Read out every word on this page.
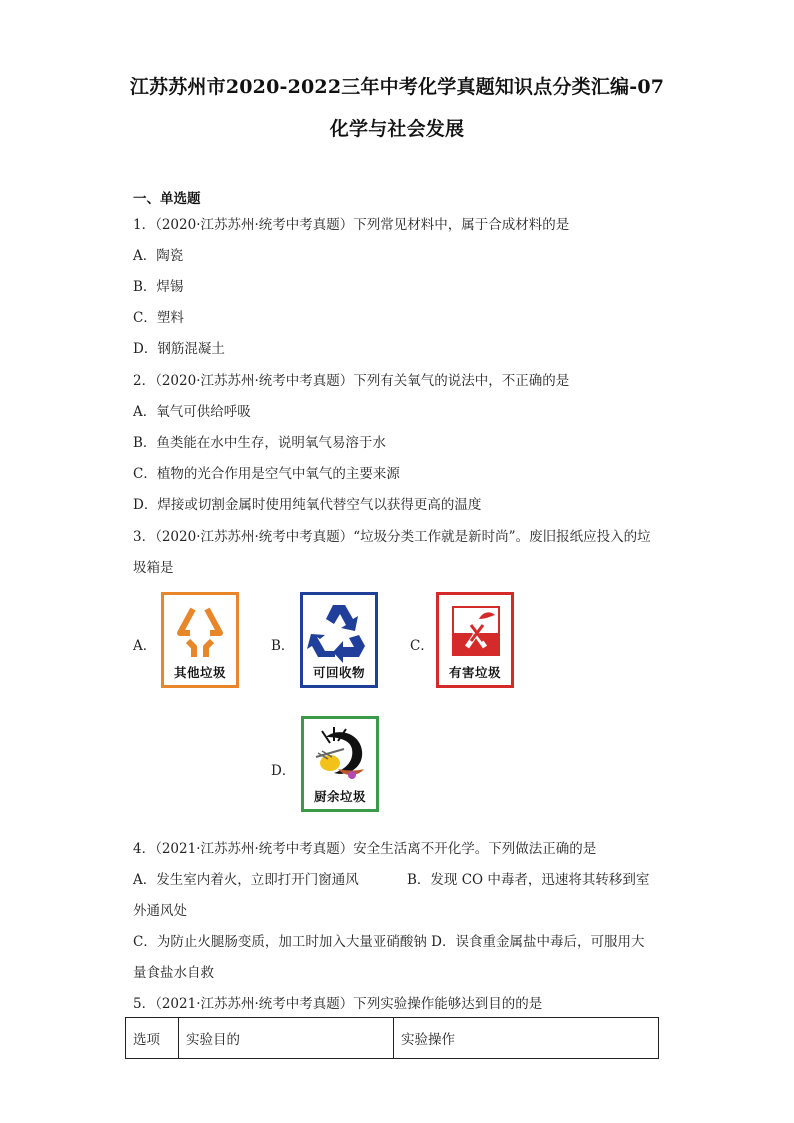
江苏苏州市2020-2022三年中考化学真题知识点分类汇编-07
化学与社会发展
一、单选题
1．（2020·江苏苏州·统考中考真题）下列常见材料中，属于合成材料的是
A．陶瓷
B．焊锡
C．塑料
D．钢筋混凝土
2．（2020·江苏苏州·统考中考真题）下列有关氧气的说法中，不正确的是
A．氧气可供给呼吸
B．鱼类能在水中生存，说明氧气易溶于水
C．植物的光合作用是空气中氧气的主要来源
D．焊接或切割金属时使用纯氧代替空气以获得更高的温度
3．（2020·江苏苏州·统考中考真题）“垃圾分类工作就是新时尚”。废旧报纸应投入的垃
圾箱是
A．
其他垃圾
B．
可回收物
C．
有害垃圾
D．
厨余垃圾
4．（2021·江苏苏州·统考中考真题）安全生活离不开化学。下列做法正确的是
A．发生室内着火，立即打开门窗通风	B．发现 CO 中毒者，迅速将其转移到室
外通风处
C．为防止火腿肠变质，加工时加入大量亚硝酸钠 D．误食重金属盐中毒后，可服用大
量食盐水自救
5．（2021·江苏苏州·统考中考真题）下列实验操作能够达到目的的是
选项	实验目的	实验操作
